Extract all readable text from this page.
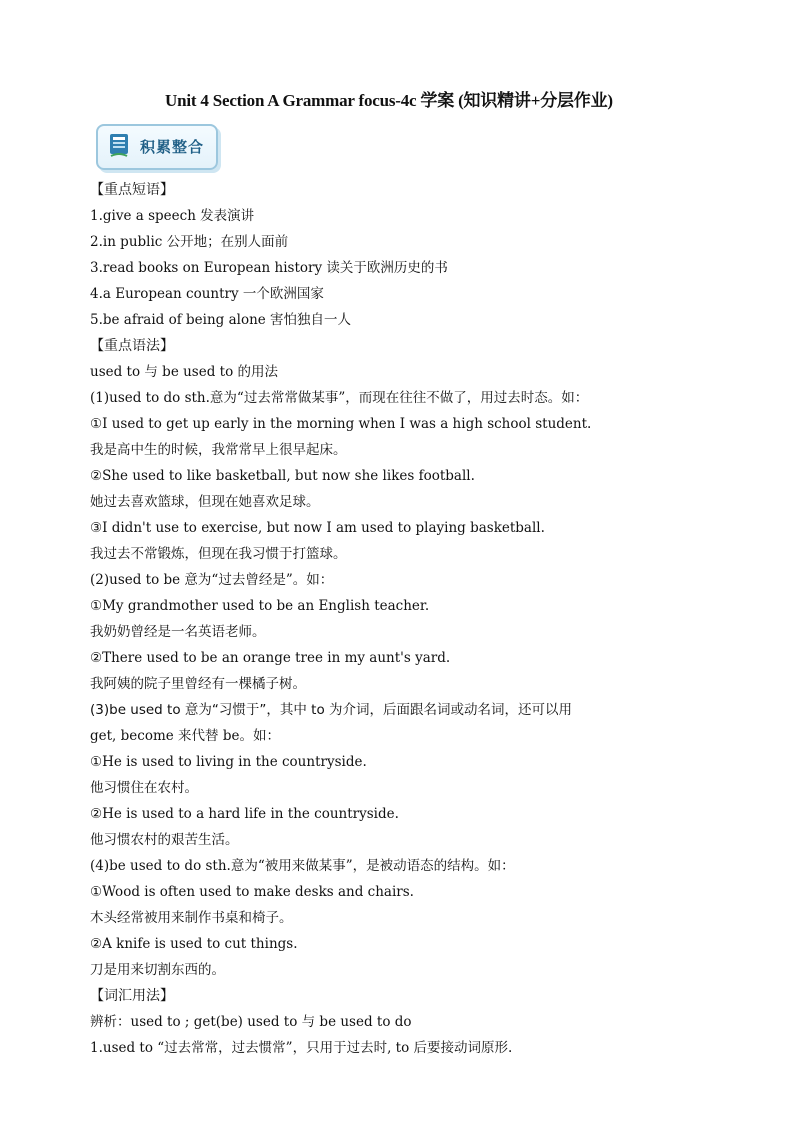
Unit 4 Section A Grammar focus-4c 学案 (知识精讲+分层作业)
积累整合
【重点短语】
1.give a speech 发表演讲
2.in public 公开地；在别人面前
3.read books on European history 读关于欧洲历史的书
4.a European country 一个欧洲国家
5.be afraid of being alone 害怕独自一人
【重点语法】
used to 与 be used to 的用法
(1)used to do sth.意为“过去常常做某事”，而现在往往不做了，用过去时态。如：
①I used to get up early in the morning when I was a high school student.
我是高中生的时候，我常常早上很早起床。
②She used to like basketball, but now she likes football.
她过去喜欢篮球，但现在她喜欢足球。
③I didn't use to exercise, but now I am used to playing basketball.
我过去不常锻炼，但现在我习惯于打篮球。
(2)used to be 意为“过去曾经是”。如：
①My grandmother used to be an English teacher.
我奶奶曾经是一名英语老师。
②There used to be an orange tree in my aunt's yard.
我阿姨的院子里曾经有一棵橘子树。
(3)be used to 意为“习惯于”，其中 to 为介词，后面跟名词或动名词，还可以用
get, become 来代替 be。如：
①He is used to living in the countryside.
他习惯住在农村。
②He is used to a hard life in the countryside.
他习惯农村的艰苦生活。
(4)be used to do sth.意为“被用来做某事”，是被动语态的结构。如：
①Wood is often used to make desks and chairs.
木头经常被用来制作书桌和椅子。
②A knife is used to cut things.
刀是用来切割东西的。
【词汇用法】
辨析：used to ; get(be) used to 与 be used to do
1.used to “过去常常，过去惯常”，只用于过去时, to 后要接动词原形.
